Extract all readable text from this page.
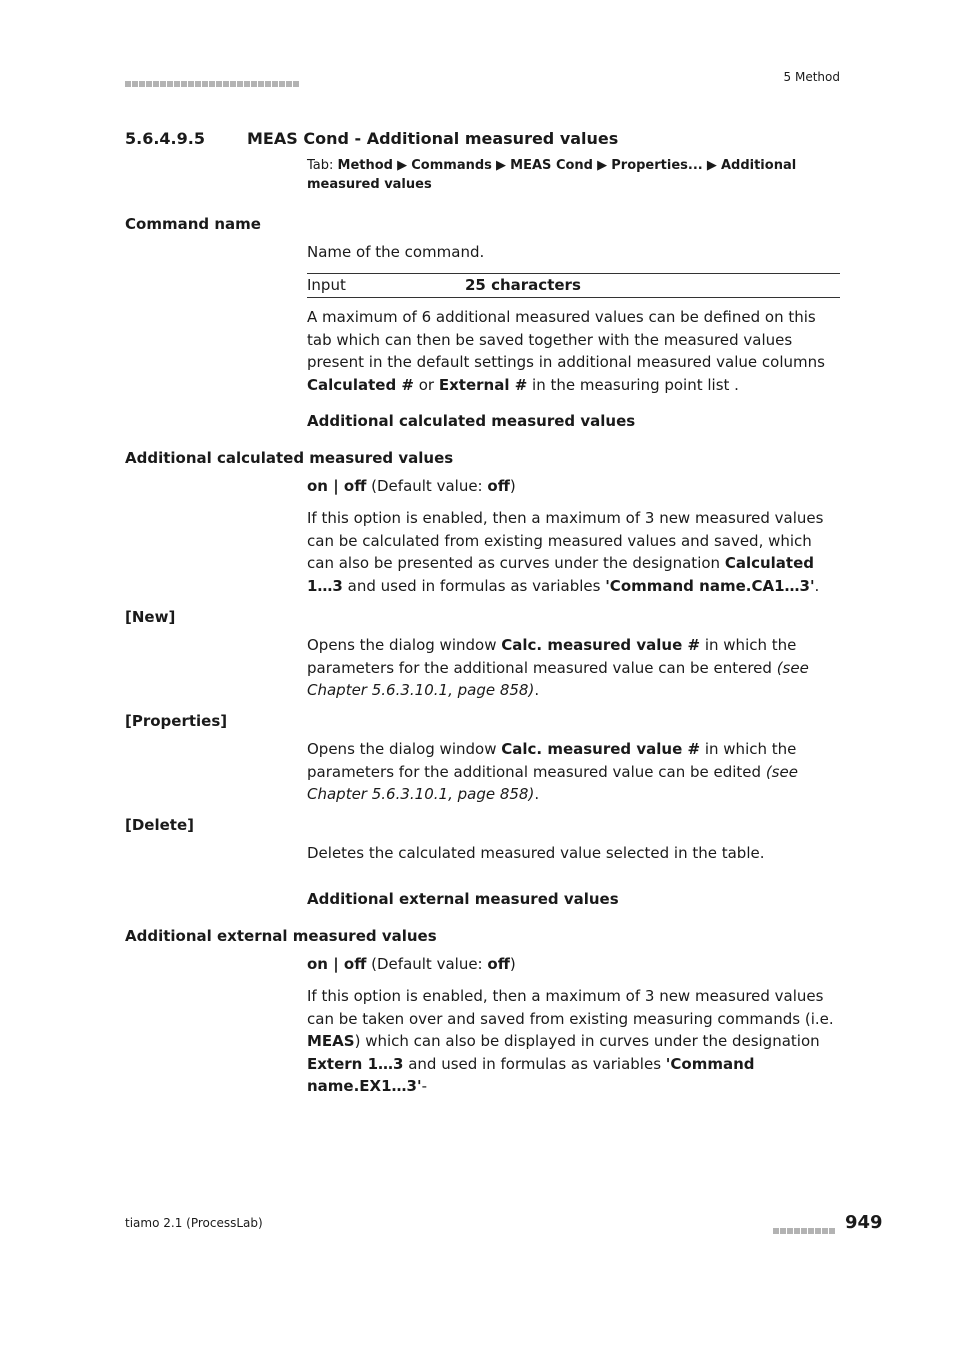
5 Method
5.6.4.9.5	MEAS Cond - Additional measured values
Tab: Method ▶ Commands ▶ MEAS Cond ▶ Properties... ▶ Additional measured values
Command name
Name of the command.
Input	25 characters
A maximum of 6 additional measured values can be defined on this tab which can then be saved together with the measured values present in the default settings in additional measured value columns Calculated # or External # in the measuring point list .
Additional calculated measured values
Additional calculated measured values
on | off (Default value: off)
If this option is enabled, then a maximum of 3 new measured values can be calculated from existing measured values and saved, which can also be presented as curves under the designation Calculated 1…3 and used in formulas as variables 'Command name.CA1…3'.
[New]
Opens the dialog window Calc. measured value # in which the parameters for the additional measured value can be entered (see Chapter 5.6.3.10.1, page 858).
[Properties]
Opens the dialog window Calc. measured value # in which the parameters for the additional measured value can be edited (see Chapter 5.6.3.10.1, page 858).
[Delete]
Deletes the calculated measured value selected in the table.
Additional external measured values
Additional external measured values
on | off (Default value: off)
If this option is enabled, then a maximum of 3 new measured values can be taken over and saved from existing measuring commands (i.e. MEAS) which can also be displayed in curves under the designation Extern 1…3 and used in formulas as variables 'Command name.EX1…3'-
tiamo 2.1 (ProcessLab)	949
